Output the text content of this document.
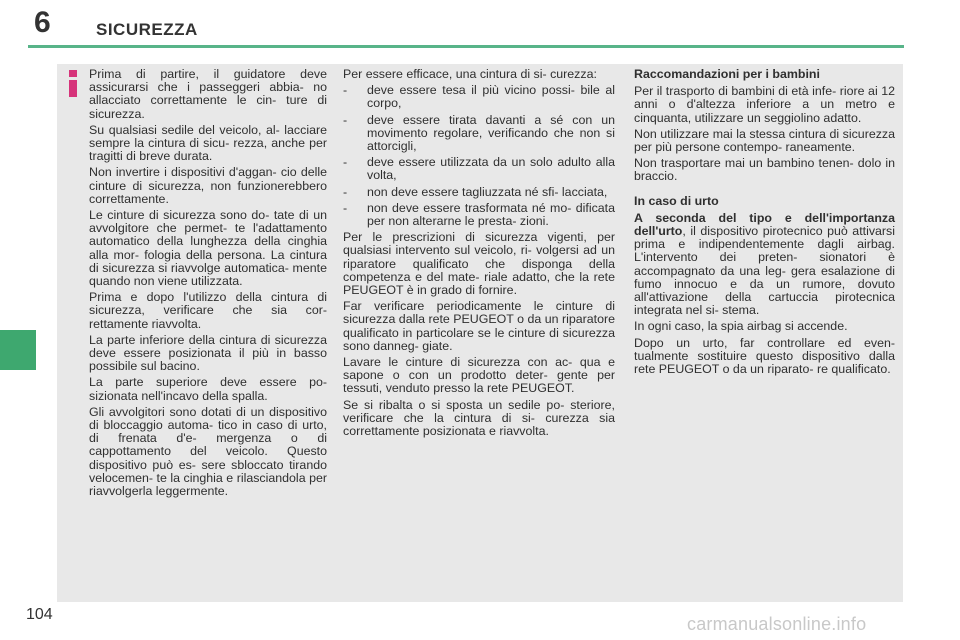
6	SICUREZZA

Prima di partire, il guidatore deve assicurarsi che i passeggeri abbia- no allacciato correttamente le cin- ture di sicurezza.

Su qualsiasi sedile del veicolo, al- lacciare sempre la cintura di sicu- rezza, anche per tragitti di breve durata.

Non invertire i dispositivi d'aggan- cio delle cinture di sicurezza, non funzionerebbero correttamente.

Le cinture di sicurezza sono do- tate di un avvolgitore che permet- te l'adattamento automatico della lunghezza della cinghia alla mor- fologia della persona. La cintura di sicurezza si riavvolge automatica- mente quando non viene utilizzata.

Prima e dopo l'utilizzo della cintura di sicurezza, verificare che sia cor- rettamente riavvolta.

La parte inferiore della cintura di sicurezza deve essere posizionata il più in basso possibile sul bacino.

La parte superiore deve essere po- sizionata nell'incavo della spalla.

Gli avvolgitori sono dotati di un dispositivo di bloccaggio automa- tico in caso di urto, di frenata d'e- mergenza o di cappottamento del veicolo. Questo dispositivo può es- sere sbloccato tirando velocemen- te la cinghia e rilasciandola per riavvolgerla leggermente.

Per essere efficace, una cintura di si- curezza:

- deve essere tesa il più vicino possi- bile al corpo,
- deve essere tirata davanti a sé con un movimento regolare, verificando che non si attorcigli,
- deve essere utilizzata da un solo adulto alla volta,
- non deve essere tagliuzzata né sfi- lacciata,
- non deve essere trasformata né mo- dificata per non alterarne le presta- zioni.

Per le prescrizioni di sicurezza vigenti, per qualsiasi intervento sul veicolo, ri- volgersi ad un riparatore qualificato che disponga della competenza e del mate- riale adatto, che la rete PEUGEOT è in grado di fornire.

Far verificare periodicamente le cinture di sicurezza dalla rete PEUGEOT o da un riparatore qualificato in particolare se le cinture di sicurezza sono danneg- giate.

Lavare le cinture di sicurezza con ac- qua e sapone o con un prodotto deter- gente per tessuti, venduto presso la rete PEUGEOT.

Se si ribalta o si sposta un sedile po- steriore, verificare che la cintura di si- curezza sia correttamente posizionata e riavvolta.

Raccomandazioni per i bambini

Per il trasporto di bambini di età infe- riore ai 12 anni o d'altezza inferiore a un metro e cinquanta, utilizzare un seggiolino adatto.

Non utilizzare mai la stessa cintura di sicurezza per più persone contempo- raneamente.

Non trasportare mai un bambino tenen- dolo in braccio.

In caso di urto

A seconda del tipo e dell'importanza dell'urto, il dispositivo pirotecnico può attivarsi prima e indipendentemente dagli airbag. L'intervento dei preten- sionatori è accompagnato da una leg- gera esalazione di fumo innocuo e da un rumore, dovuto all'attivazione della cartuccia pirotecnica integrata nel si- stema.

In ogni caso, la spia airbag si accende.

Dopo un urto, far controllare ed even- tualmente sostituire questo dispositivo dalla rete PEUGEOT o da un riparato- re qualificato.

104	carmanualsonline.info
